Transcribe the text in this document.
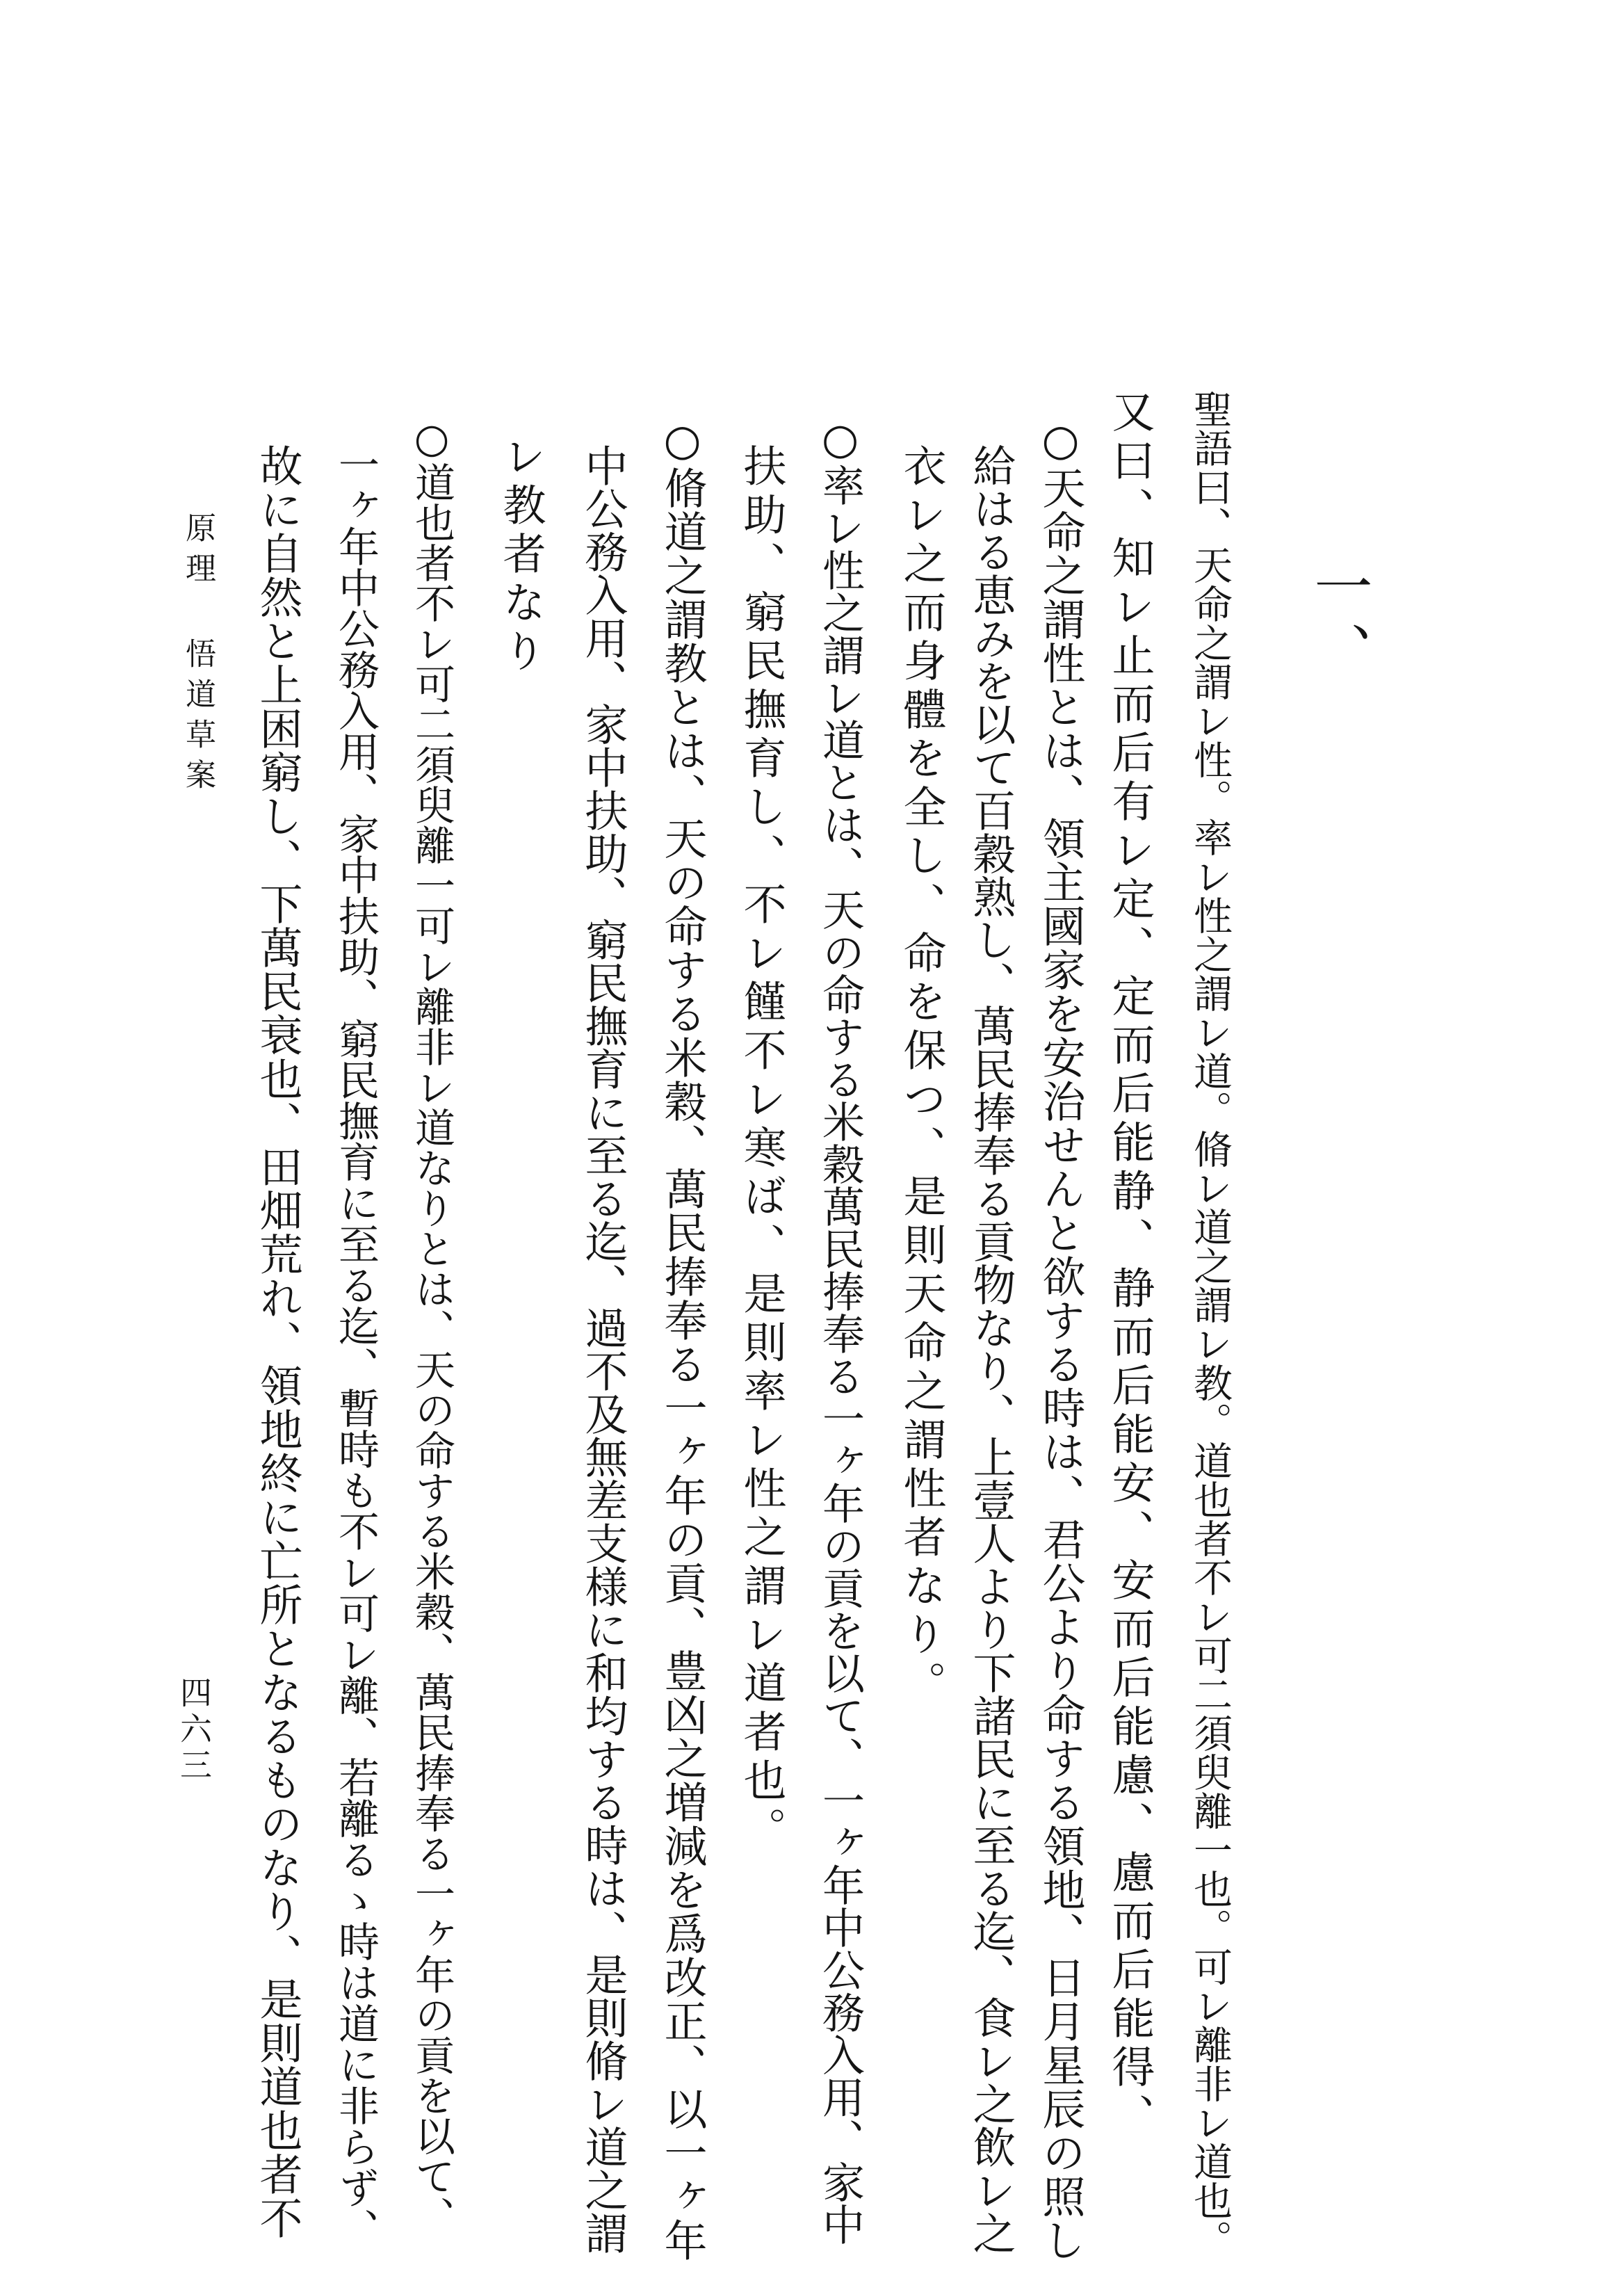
一、
聖語曰、天命之謂レ性。率レ性之謂レ道。脩レ道之謂レ教。道也者不レ可二須臾離一也。可レ離非レ道也。
又曰、知レ止而后有レ定、定而后能静、静而后能安、安而后能慮、慮而后能得、
○天命之謂性とは、領主國家を安治せんと欲する時は、君公より命する領地、日月星辰の照し
給はる恵みを以て百穀熟し、萬民捧奉る貢物なり、上壹人より下諸民に至る迄、食レ之飲レ之
衣レ之而身體を全し、命を保つ、是則天命之謂性者なり。
○率レ性之謂レ道とは、天の命する米穀萬民捧奉る一ヶ年の貢を以て、一ヶ年中公務入用、家中
扶助、窮民撫育し、不レ饉不レ寒ば、是則率レ性之謂レ道者也。
○脩道之謂教とは、天の命する米穀、萬民捧奉る一ヶ年の貢、豊凶之増減を爲改正、以一ヶ年
中公務入用、家中扶助、窮民撫育に至る迄、過不及無差支様に和均する時は、是則脩レ道之謂
レ教者なり
○道也者不レ可二須臾離一可レ離非レ道なりとは、天の命する米穀、萬民捧奉る一ヶ年の貢を以て、
一ヶ年中公務入用、家中扶助、窮民撫育に至る迄、暫時も不レ可レ離、若離るゝ時は道に非らず、
故に自然と上困窮し、下萬民衰也、田畑荒れ、領地終に亡所となるものなり、是則道也者不
原理 悟道草案
四六三
